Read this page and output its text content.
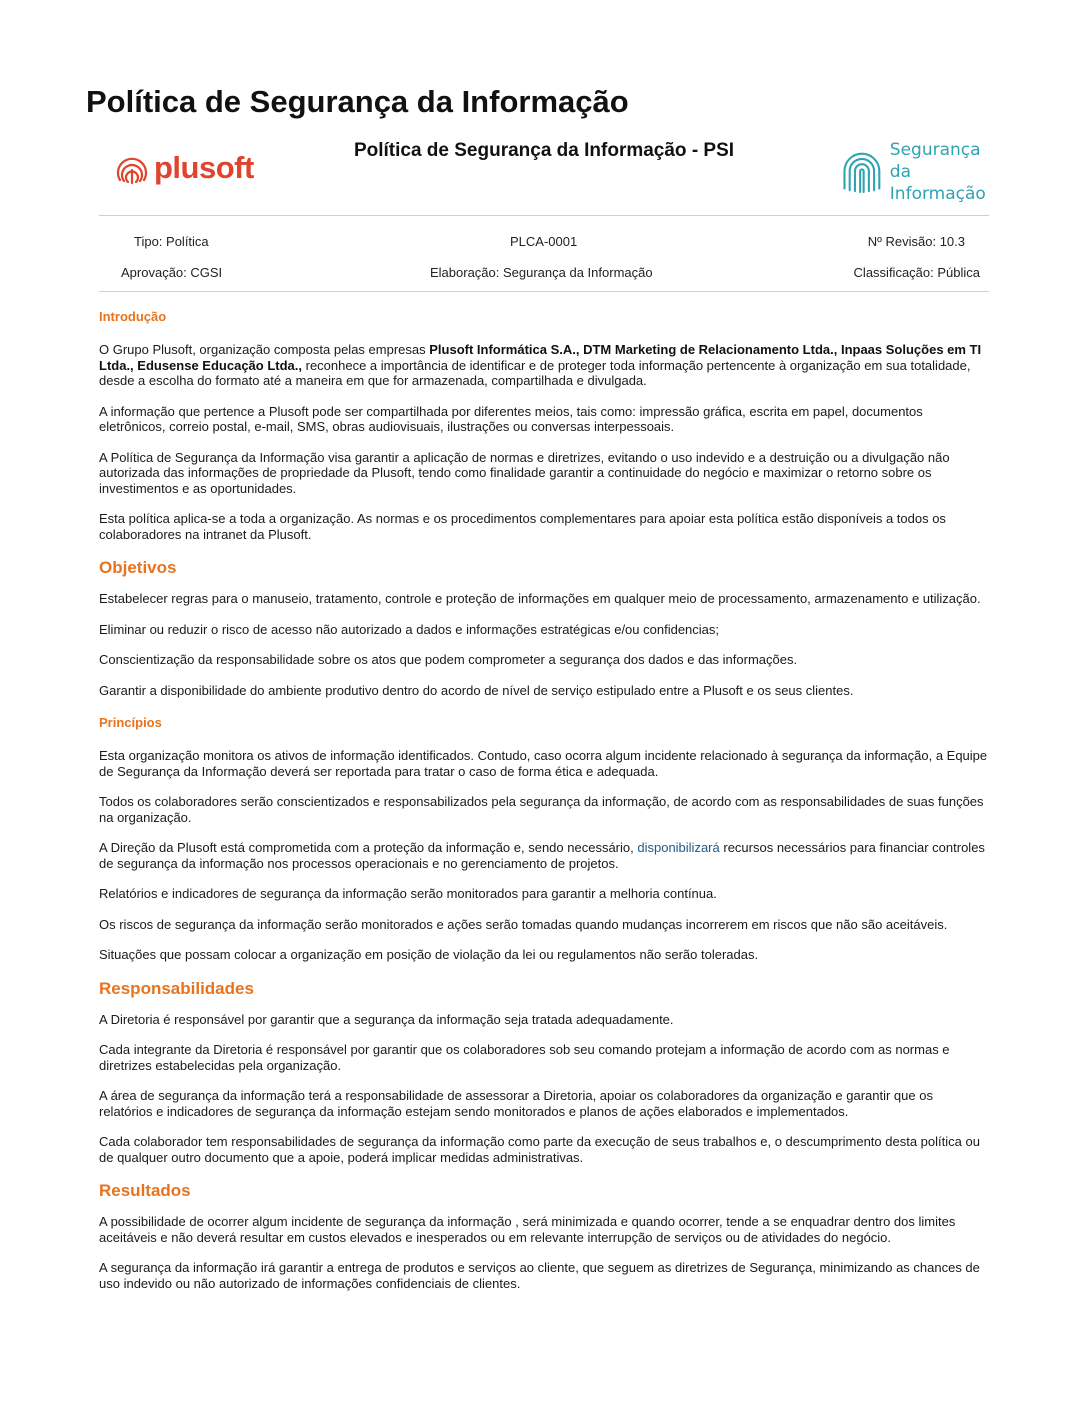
Política de Segurança da Informação
plusoft	Política de Segurança da Informação - PSI	Segurança da
Informação
Tipo: Política	PLCA-0001	Nº Revisão: 10.3
Aprovação: CGSI	Elaboração: Segurança da Informação	Classificação: Pública
Introdução

O Grupo Plusoft, organização composta pelas empresas Plusoft Informática S.A., DTM Marketing de Relacionamento Ltda., Inpaas Soluções em TI Ltda., Edusense Educação Ltda., reconhece a importância de identificar e de proteger toda informação pertencente à organização em sua totalidade, desde a escolha do formato até a maneira em que for armazenada, compartilhada e divulgada.

A informação que pertence a Plusoft pode ser compartilhada por diferentes meios, tais como: impressão gráfica, escrita em papel, documentos eletrônicos, correio postal, e-mail, SMS, obras audiovisuais, ilustrações ou conversas interpessoais.

A Política de Segurança da Informação visa garantir a aplicação de normas e diretrizes, evitando o uso indevido e a destruição ou a divulgação não autorizada das informações de propriedade da Plusoft, tendo como finalidade garantir a continuidade do negócio e maximizar o retorno sobre os investimentos e as oportunidades.

Esta política aplica-se a toda a organização. As normas e os procedimentos complementares para apoiar esta política estão disponíveis a todos os colaboradores na intranet da Plusoft.

Objetivos

Estabelecer regras para o manuseio, tratamento, controle e proteção de informações em qualquer meio de processamento, armazenamento e utilização.

Eliminar ou reduzir o risco de acesso não autorizado a dados e informações estratégicas e/ou confidencias;

Conscientização da responsabilidade sobre os atos que podem comprometer a segurança dos dados e das informações.

Garantir a disponibilidade do ambiente produtivo dentro do acordo de nível de serviço estipulado entre a Plusoft e os seus clientes.

Princípios

Esta organização monitora os ativos de informação identificados. Contudo, caso ocorra algum incidente relacionado à segurança da informação, a Equipe de Segurança da Informação deverá ser reportada para tratar o caso de forma ética e adequada.

Todos os colaboradores serão conscientizados e responsabilizados pela segurança da informação, de acordo com as responsabilidades de suas funções na organização.

A Direção da Plusoft está comprometida com a proteção da informação e, sendo necessário, disponibilizará recursos necessários para financiar controles de segurança da informação nos processos operacionais e no gerenciamento de projetos.

Relatórios e indicadores de segurança da informação serão monitorados para garantir a melhoria contínua.

Os riscos de segurança da informação serão monitorados e ações serão tomadas quando mudanças incorrerem em riscos que não são aceitáveis.

Situações que possam colocar a organização em posição de violação da lei ou regulamentos não serão toleradas.

Responsabilidades

A Diretoria é responsável por garantir que a segurança da informação seja tratada adequadamente.

Cada integrante da Diretoria é responsável por garantir que os colaboradores sob seu comando protejam a informação de acordo com as normas e diretrizes estabelecidas pela organização.

A área de segurança da informação terá a responsabilidade de assessorar a Diretoria, apoiar os colaboradores da organização e garantir que os relatórios e indicadores de segurança da informação estejam sendo monitorados e planos de ações elaborados e implementados.

Cada colaborador tem responsabilidades de segurança da informação como parte da execução de seus trabalhos e, o descumprimento desta política ou de qualquer outro documento que a apoie, poderá implicar medidas administrativas.

Resultados

A possibilidade de ocorrer algum incidente de segurança da informação , será minimizada e quando ocorrer, tende a se enquadrar dentro dos limites aceitáveis e não deverá resultar em custos elevados e inesperados ou em relevante interrupção de serviços ou de atividades do negócio.

A segurança da informação irá garantir a entrega de produtos e serviços ao cliente, que seguem as diretrizes de Segurança, minimizando as chances de uso indevido ou não autorizado de informações confidenciais de clientes.
